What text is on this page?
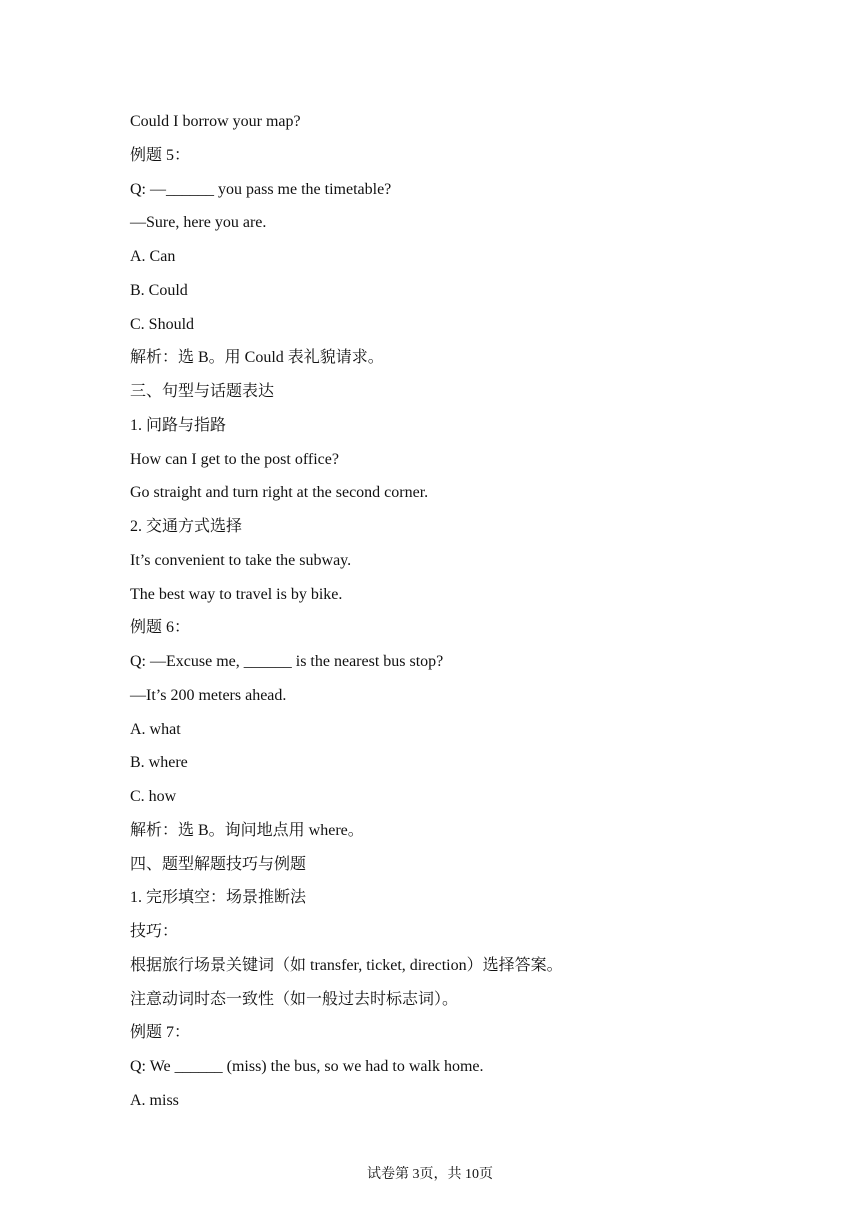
Could I borrow your map?
例题 5：
Q: —______ you pass me the timetable?
—Sure, here you are.
A. Can
B. Could
C. Should
解析：选 B。用 Could 表礼貌请求。
三、句型与话题表达
1. 问路与指路
How can I get to the post office?
Go straight and turn right at the second corner.
2. 交通方式选择
It’s convenient to take the subway.
The best way to travel is by bike.
例题 6：
Q: —Excuse me, ______ is the nearest bus stop?
—It’s 200 meters ahead.
A. what
B. where
C. how
解析：选 B。询问地点用 where。
四、题型解题技巧与例题
1. 完形填空：场景推断法
技巧：
根据旅行场景关键词（如 transfer, ticket, direction）选择答案。
注意动词时态一致性（如一般过去时标志词）。
例题 7：
Q: We ______ (miss) the bus, so we had to walk home.
A. miss
试卷第 3页，共 10页
